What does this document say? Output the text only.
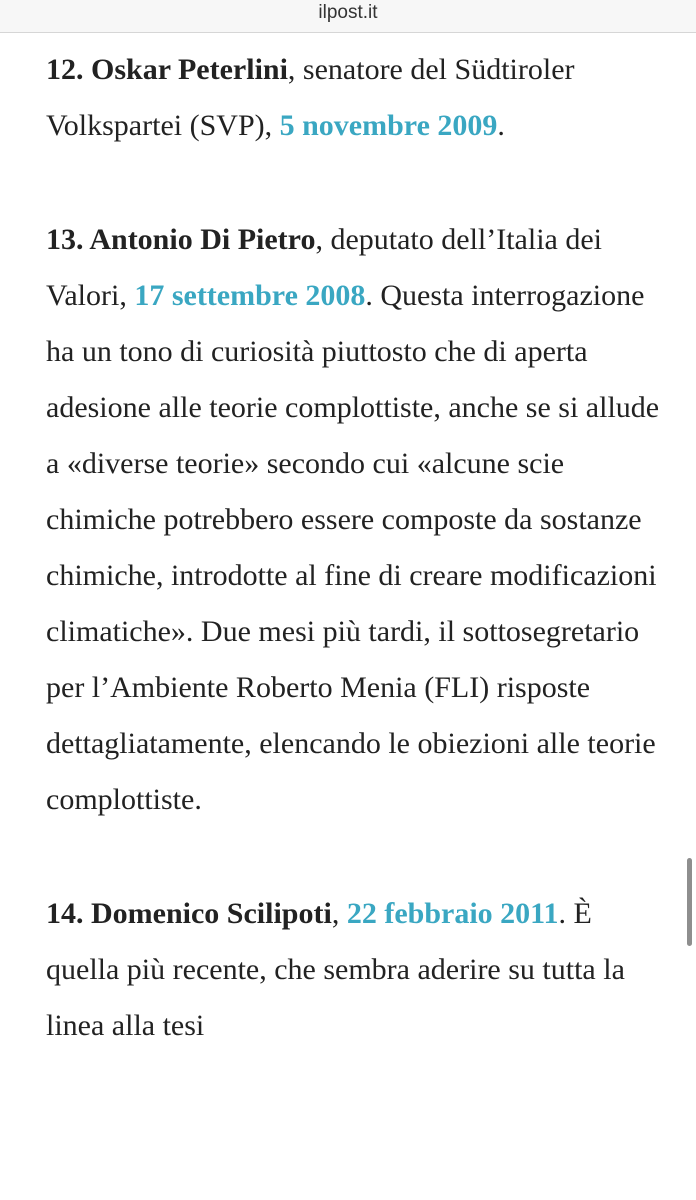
ilpost.it

12. Oskar Peterlini, senatore del Südtiroler Volkspartei (SVP), 5 novembre 2009.

13. Antonio Di Pietro, deputato dell’Italia dei Valori, 17 settembre 2008. Questa interrogazione ha un tono di curiosità piuttosto che di aperta adesione alle teorie complottiste, anche se si allude a «diverse teorie» secondo cui «alcune scie chimiche potrebbero essere composte da sostanze chimiche, introdotte al fine di creare modificazioni climatiche». Due mesi più tardi, il sottosegretario per l’Ambiente Roberto Menia (FLI) risposte dettagliatamente, elencando le obiezioni alle teorie complottiste.

14. Domenico Scilipoti, 22 febbraio 2011. È quella più recente, che sembra aderire su tutta la linea alla tesi
